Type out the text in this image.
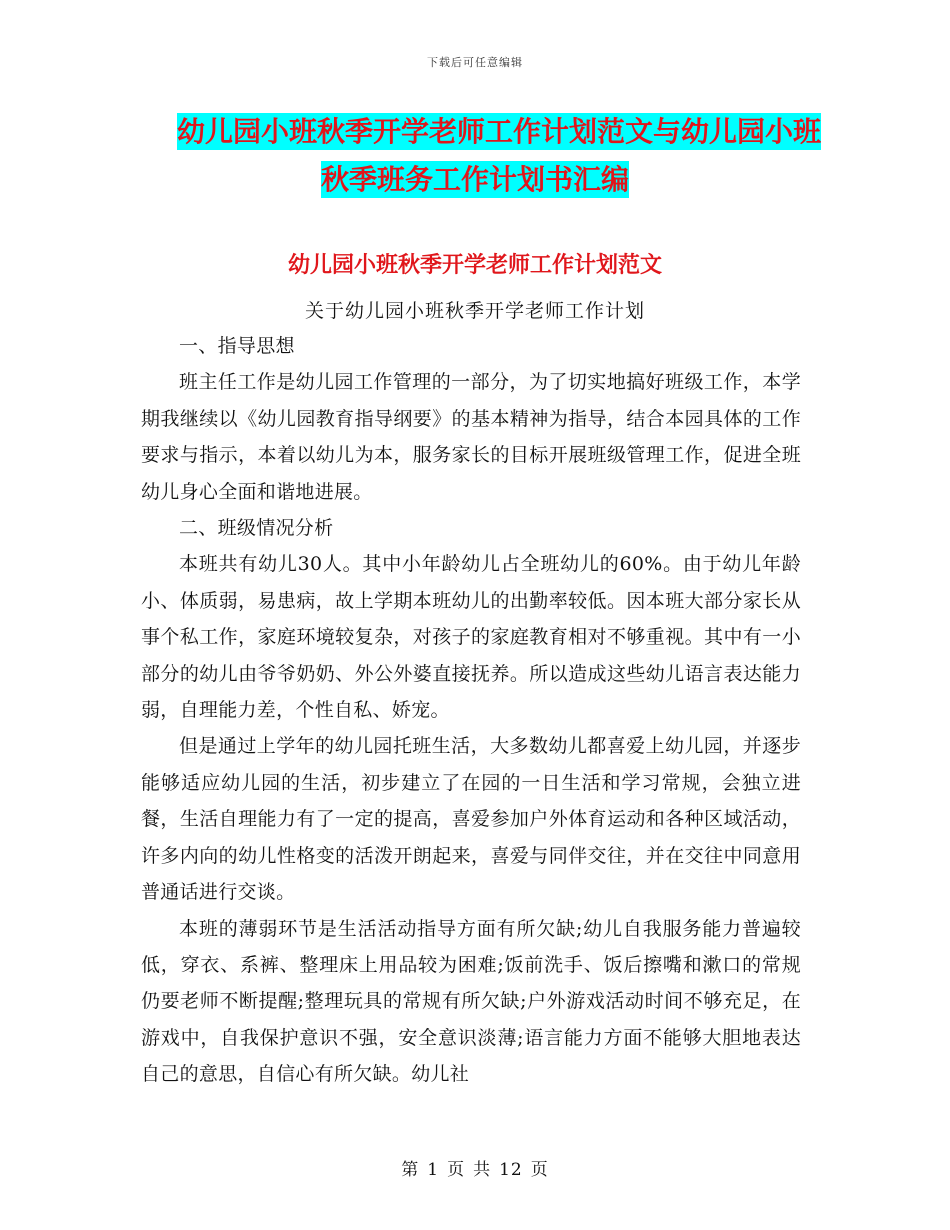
下载后可任意编辑
幼儿园小班秋季开学老师工作计划范文与幼儿园小班
秋季班务工作计划书汇编
幼儿园小班秋季开学老师工作计划范文
关于幼儿园小班秋季开学老师工作计划

一、指导思想

班主任工作是幼儿园工作管理的一部分，为了切实地搞好班级工作，本学期我继续以《幼儿园教育指导纲要》的基本精神为指导，结合本园具体的工作要求与指示，本着以幼儿为本，服务家长的目标开展班级管理工作，促进全班幼儿身心全面和谐地进展。

二、班级情况分析

本班共有幼儿30人。其中小年龄幼儿占全班幼儿的60%。由于幼儿年龄小、体质弱，易患病，故上学期本班幼儿的出勤率较低。因本班大部分家长从事个私工作，家庭环境较复杂，对孩子的家庭教育相对不够重视。其中有一小部分的幼儿由爷爷奶奶、外公外婆直接抚养。所以造成这些幼儿语言表达能力弱，自理能力差，个性自私、娇宠。

但是通过上学年的幼儿园托班生活，大多数幼儿都喜爱上幼儿园，并逐步能够适应幼儿园的生活，初步建立了在园的一日生活和学习常规，会独立进餐，生活自理能力有了一定的提高，喜爱参加户外体育运动和各种区域活动，许多内向的幼儿性格变的活泼开朗起来，喜爱与同伴交往，并在交往中同意用普通话进行交谈。

本班的薄弱环节是生活活动指导方面有所欠缺;幼儿自我服务能力普遍较低，穿衣、系裤、整理床上用品较为困难;饭前洗手、饭后擦嘴和漱口的常规仍要老师不断提醒;整理玩具的常规有所欠缺;户外游戏活动时间不够充足，在游戏中，自我保护意识不强，安全意识淡薄;语言能力方面不能够大胆地表达自己的意思，自信心有所欠缺。幼儿社

第 1 页 共 12 页
